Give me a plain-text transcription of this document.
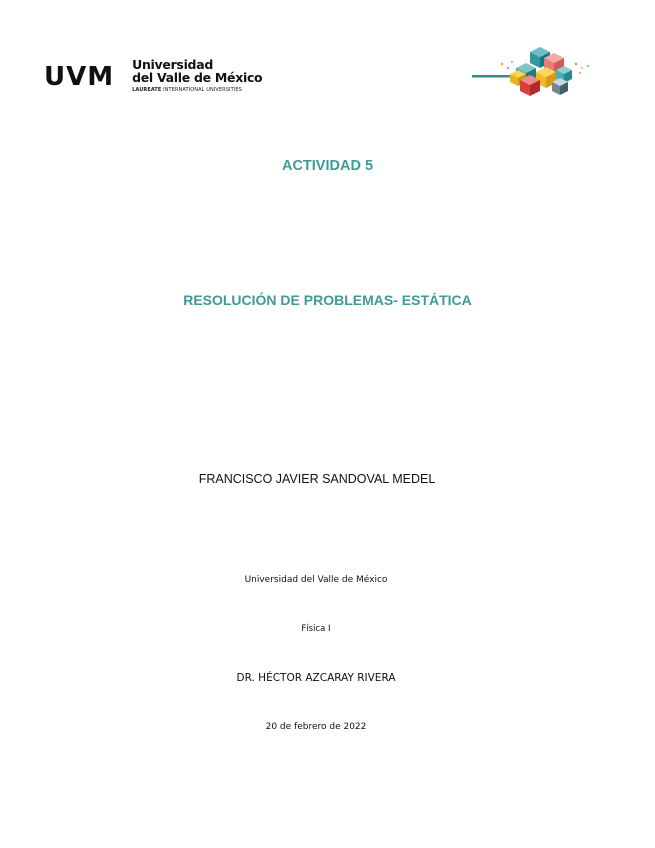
UVM Universidad
del Valle de México
LAUREATE INTERNATIONAL UNIVERSITIES
ACTIVIDAD 5
RESOLUCIÓN DE PROBLEMAS- ESTÁTICA
FRANCISCO JAVIER SANDOVAL MEDEL
Universidad del Valle de México
Física I
DR. HÉCTOR AZCARAY RIVERA
20 de febrero de 2022
